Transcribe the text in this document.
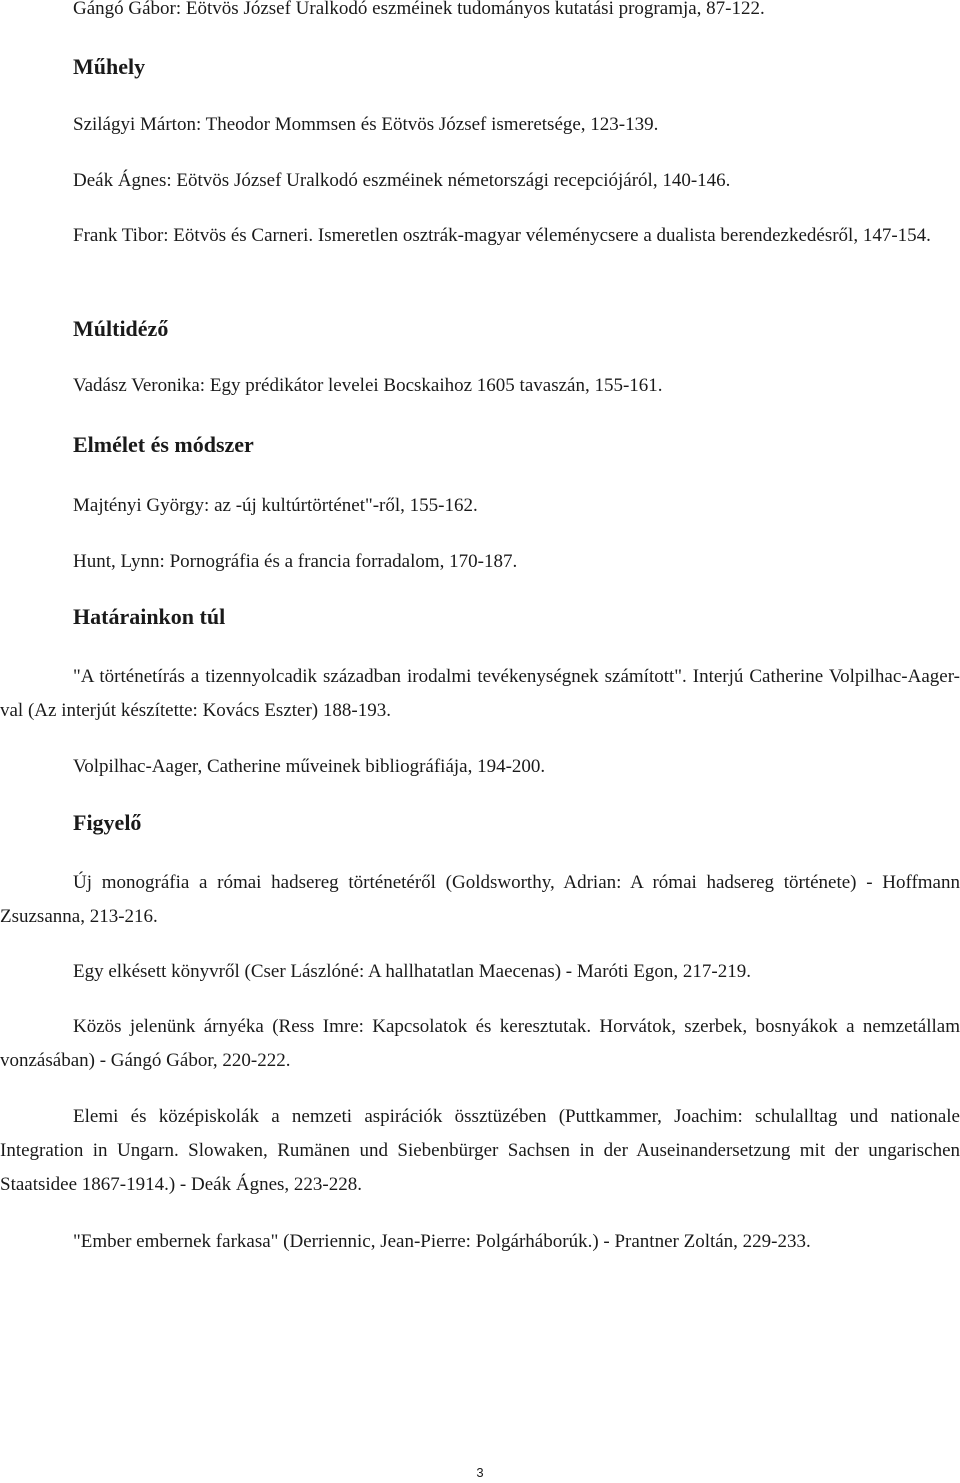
Gángó Gábor: Eötvös József Uralkodó eszméinek tudományos kutatási programja, 87-122.

Műhely

Szilágyi Márton: Theodor Mommsen és Eötvös József ismeretsége, 123-139.

Deák Ágnes: Eötvös József Uralkodó eszméinek németországi recepciójáról, 140-146.

Frank Tibor: Eötvös és Carneri. Ismeretlen osztrák-magyar véleménycsere a dualista berendezkedésről, 147-154.

Múltidéző

Vadász Veronika: Egy prédikátor levelei Bocskaihoz 1605 tavaszán, 155-161.

Elmélet és módszer

Majtényi György: az -új kultúrtörténet"-ről, 155-162.

Hunt, Lynn: Pornográfia és a francia forradalom, 170-187.

Határainkon túl

"A történetírás a tizennyolcadik században irodalmi tevékenységnek számított". Interjú Catherine Volpilhac-Aager-val (Az interjút készítette: Kovács Eszter) 188-193.

Volpilhac-Aager, Catherine műveinek bibliográfiája, 194-200.

Figyelő

Új monográfia a római hadsereg történetéről (Goldsworthy, Adrian: A római hadsereg története) - Hoffmann Zsuzsanna, 213-216.

Egy elkésett könyvről (Cser Lászlóné: A hallhatatlan Maecenas) - Maróti Egon, 217-219.

Közös jelenünk árnyéka (Ress Imre: Kapcsolatok és keresztutak. Horvátok, szerbek, bosnyákok a nemzetállam vonzásában) - Gángó Gábor, 220-222.

Elemi és középiskolák a nemzeti aspirációk össztüzében (Puttkammer, Joachim: schulalltag und nationale Integration in Ungarn. Slowaken, Rumänen und Siebenbürger Sachsen in der Auseinandersetzung mit der ungarischen Staatsidee 1867-1914.) - Deák Ágnes, 223-228.

"Ember embernek farkasa" (Derriennic, Jean-Pierre: Polgárháborúk.) - Prantner Zoltán, 229-233.

3
